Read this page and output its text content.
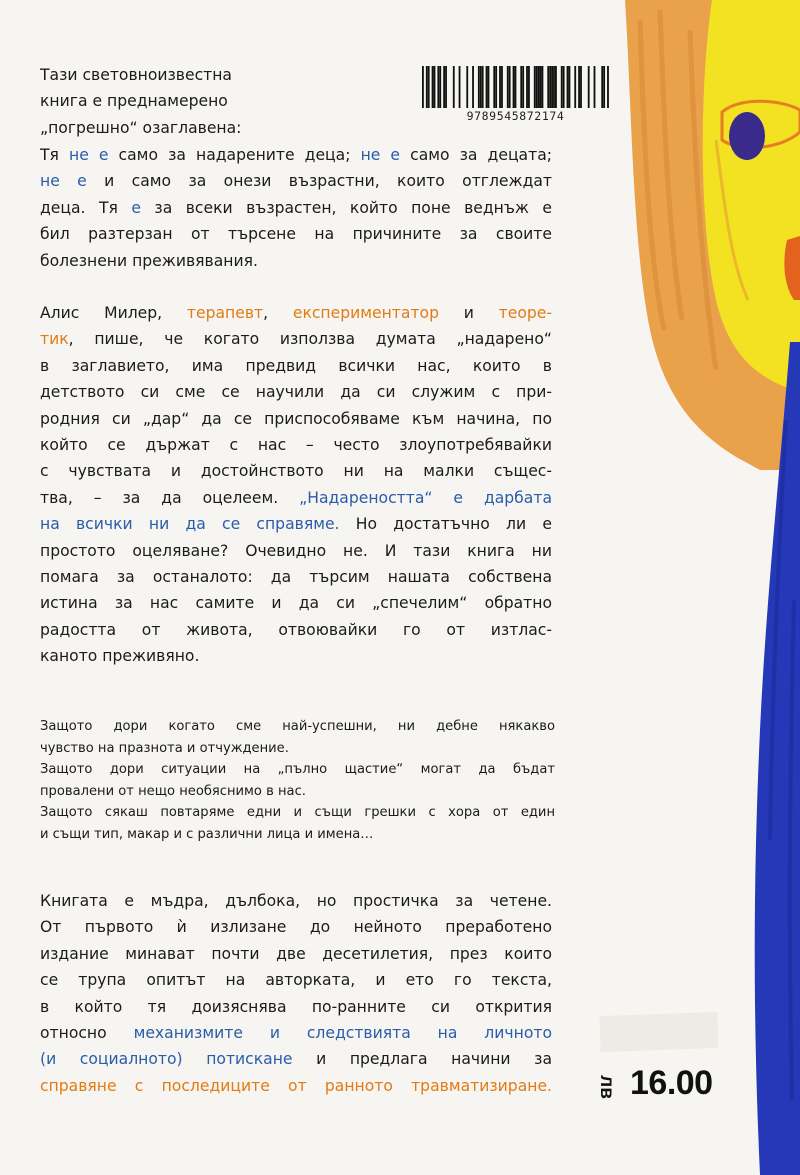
9789545872174

Тази световноизвестна
книга е преднамерено
„погрешно“ озаглавена:

Тя не е само за надарените деца; не е само за децата;
не е и само за онези възрастни, които отглеждат
деца. Тя е за всеки възрастен, който поне веднъж е
бил разтерзан от търсене на причините за своите
болезнени преживявания.

Алис Милер, терапевт, експериментатор и теоре-
тик, пише, че когато използва думата „надарено“
в заглавието, има предвид всички нас, които в
детството си сме се научили да си служим с при-
родния си „дар“ да се приспособяваме към начина, по
който се държат с нас – често злоупотребявайки
с чувствата и достойнството ни на малки същес-
тва, – за да оцелеем. „Надареността“ е дарбата
на всички ни да се справяме. Но достатъчно ли е
простото оцеляване? Очевидно не. И тази книга ни
помага за останалото: да търсим нашата собствена
истина за нас самите и да си „спечелим“ обратно
радостта от живота, отвоювайки го от изтлас-
каното преживяно.

Защото дори когато сме най-успешни, ни дебне някакво
чувство на празнота и отчуждение.
Защото дори ситуации на „пълно щастие“ могат да бъдат
провалени от нещо необяснимо в нас.
Защото сякаш повтаряме едни и същи грешки с хора от един
и същи тип, макар и с различни лица и имена…

Книгата е мъдра, дълбока, но простичка за четене.
От първото ѝ излизане до нейното преработено
издание минават почти две десетилетия, през които
се трупа опитът на авторката, и ето го текста,
в който тя доизяснява по-ранните си открития
относно механизмите и следствията на личното
(и социалното) потискане и предлага начини за
справяне с последиците от ранното травматизиране.	лв 16.00
